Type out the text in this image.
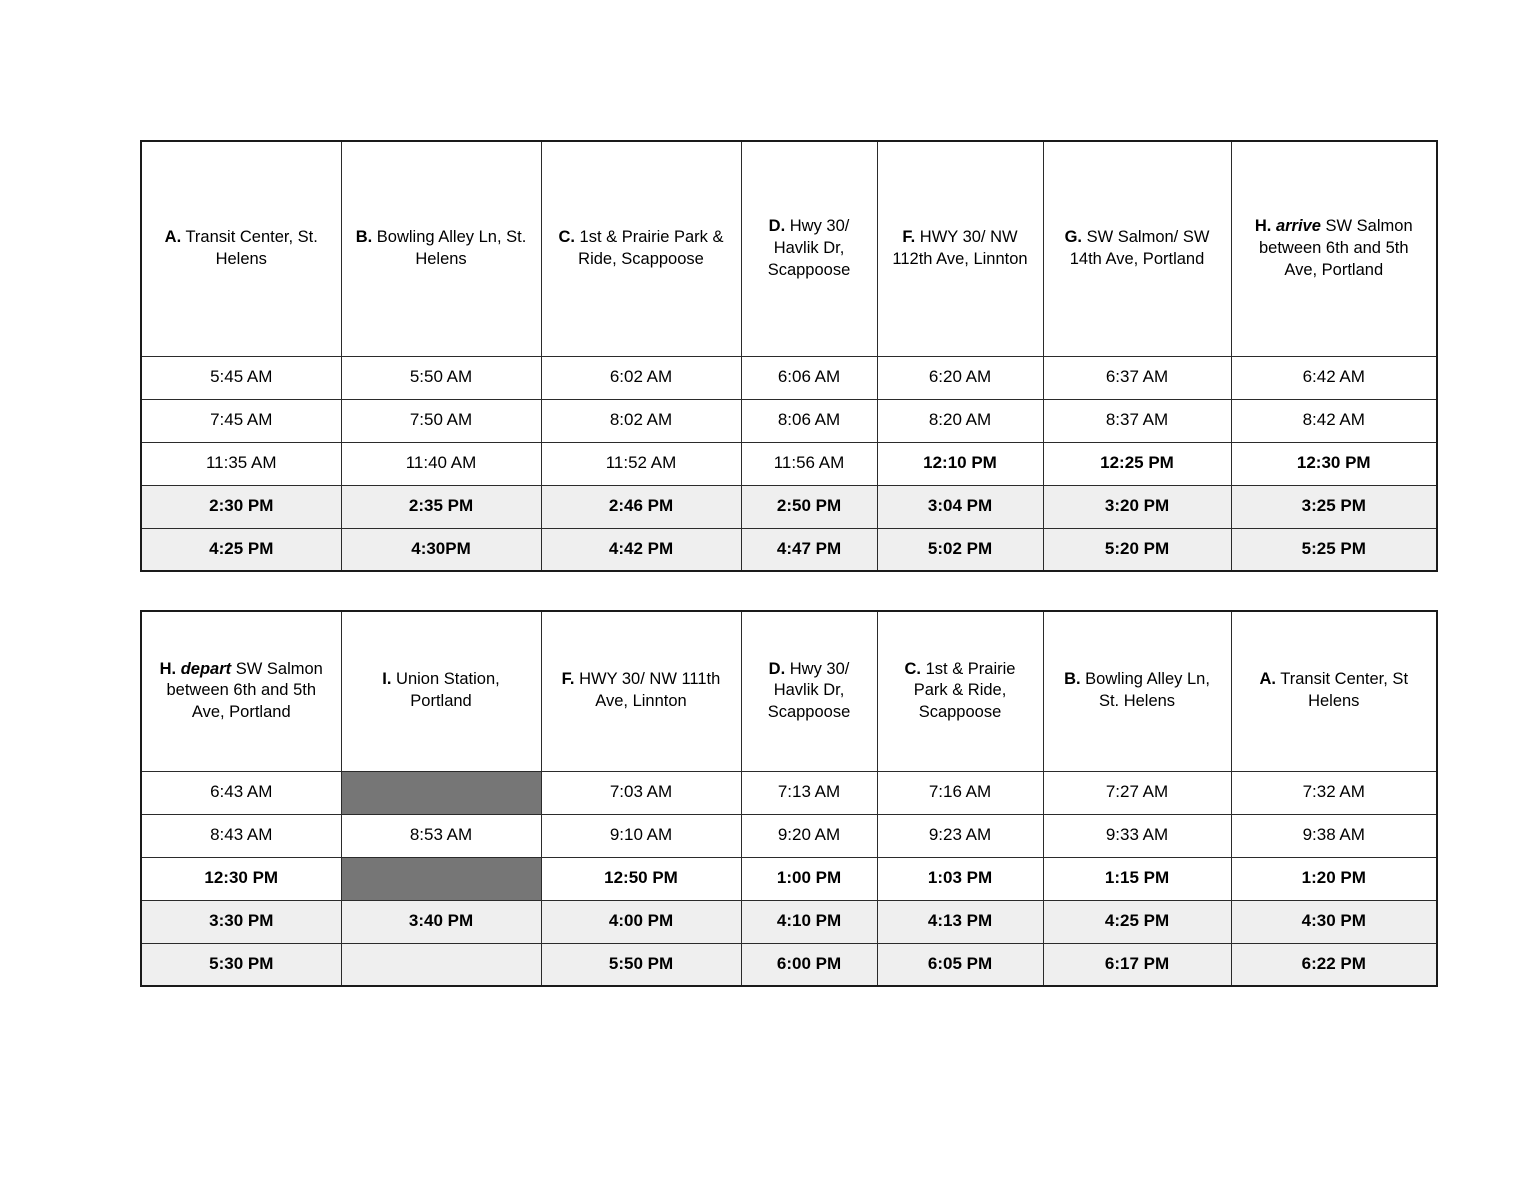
A. Transit Center, St. Helens	B. Bowling Alley Ln, St. Helens	C. 1st & Prairie Park & Ride, Scappoose	D. Hwy 30/ Havlik Dr, Scappoose	F. HWY 30/ NW 112th Ave, Linnton	G. SW Salmon/ SW 14th Ave, Portland	H. arrive SW Salmon between 6th and 5th Ave, Portland
5:45 AM	5:50 AM	6:02 AM	6:06 AM	6:20 AM	6:37 AM	6:42 AM
7:45 AM	7:50 AM	8:02 AM	8:06 AM	8:20 AM	8:37 AM	8:42 AM
11:35 AM	11:40 AM	11:52 AM	11:56 AM	12:10 PM	12:25 PM	12:30 PM
2:30 PM	2:35 PM	2:46 PM	2:50 PM	3:04 PM	3:20 PM	3:25 PM
4:25 PM	4:30PM	4:42 PM	4:47 PM	5:02 PM	5:20 PM	5:25 PM
H. depart SW Salmon between 6th and 5th Ave, Portland	I. Union Station, Portland	F. HWY 30/ NW 111th Ave, Linnton	D. Hwy 30/ Havlik Dr, Scappoose	C. 1st & Prairie Park & Ride, Scappoose	B. Bowling Alley Ln, St. Helens	A. Transit Center, St Helens
6:43 AM		7:03 AM	7:13 AM	7:16 AM	7:27 AM	7:32 AM
8:43 AM	8:53 AM	9:10 AM	9:20 AM	9:23 AM	9:33 AM	9:38 AM
12:30 PM		12:50 PM	1:00 PM	1:03 PM	1:15 PM	1:20 PM
3:30 PM	3:40 PM	4:00 PM	4:10 PM	4:13 PM	4:25 PM	4:30 PM
5:30 PM		5:50 PM	6:00 PM	6:05 PM	6:17 PM	6:22 PM
